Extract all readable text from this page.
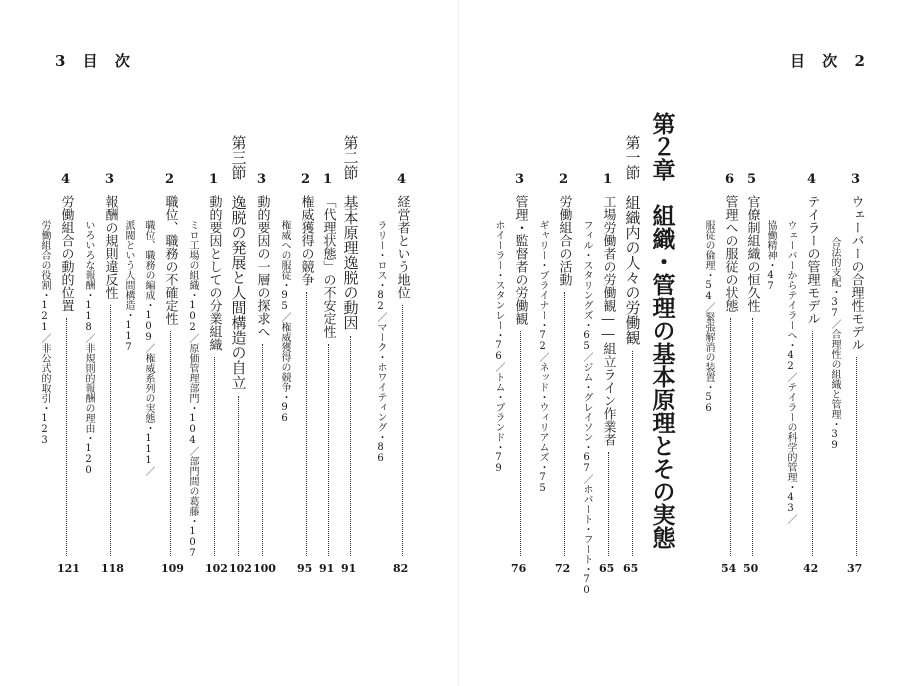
3 目 次	目 次 2
ウェーバーの合理性モデル
37
合法的支配・37／合理性の組織と管理・39
テイラーの管理モデル
42
ウェーバーからテイラーへ・42／テイラーの科学的管理・43／
協働精神・47
官僚制組織の恒久性
50
管理への服従の状態
54
服従の倫理・54／緊張解消の装置・56
第２章　組織・管理の基本原理とその実態
第一節　組織内の人々の労働観
65
工場労働者の労働観――組立ライン作業者
65
フィル・スタリングズ・65／ジム・グレイソン・67／ホバート・フート・70
労働組合の活動
72
ギャリー・ブライナー・72／ネッド・ウィリアムズ・75
管理・監督者の労働観
76
ホイーラー・スタンレー・76／トム・ブランド・79
経営者という地位
82
ラリー・ロス・82／マーク・ホワイティング・86
第二節　基本原理逸脱の動因
91
「代理状態」の不安定性
91
権威獲得の競争
95
権威への服従・95／権威獲得の競争・96
動的要因の一層の探求へ
100
第三節　逸脱の発展と人間構造の自立
102
動的要因としての分業組織
102
ミロ工場の組織・102／原価管理部門・104／部門間の葛藤・107
職位、職務の不確定性
109
職位、職務の編成・109／権威系列の実態・111／
派閥という人間構造・117
報酬の規則違反性
118
いろいろな報酬・118／非規則的報酬の理由・120
労働組合の動的位置
121
労働組合の役割・121／非公式的取引・123
3
4
5
6
1
2
3
4
1
2
3
1
2
3
4
